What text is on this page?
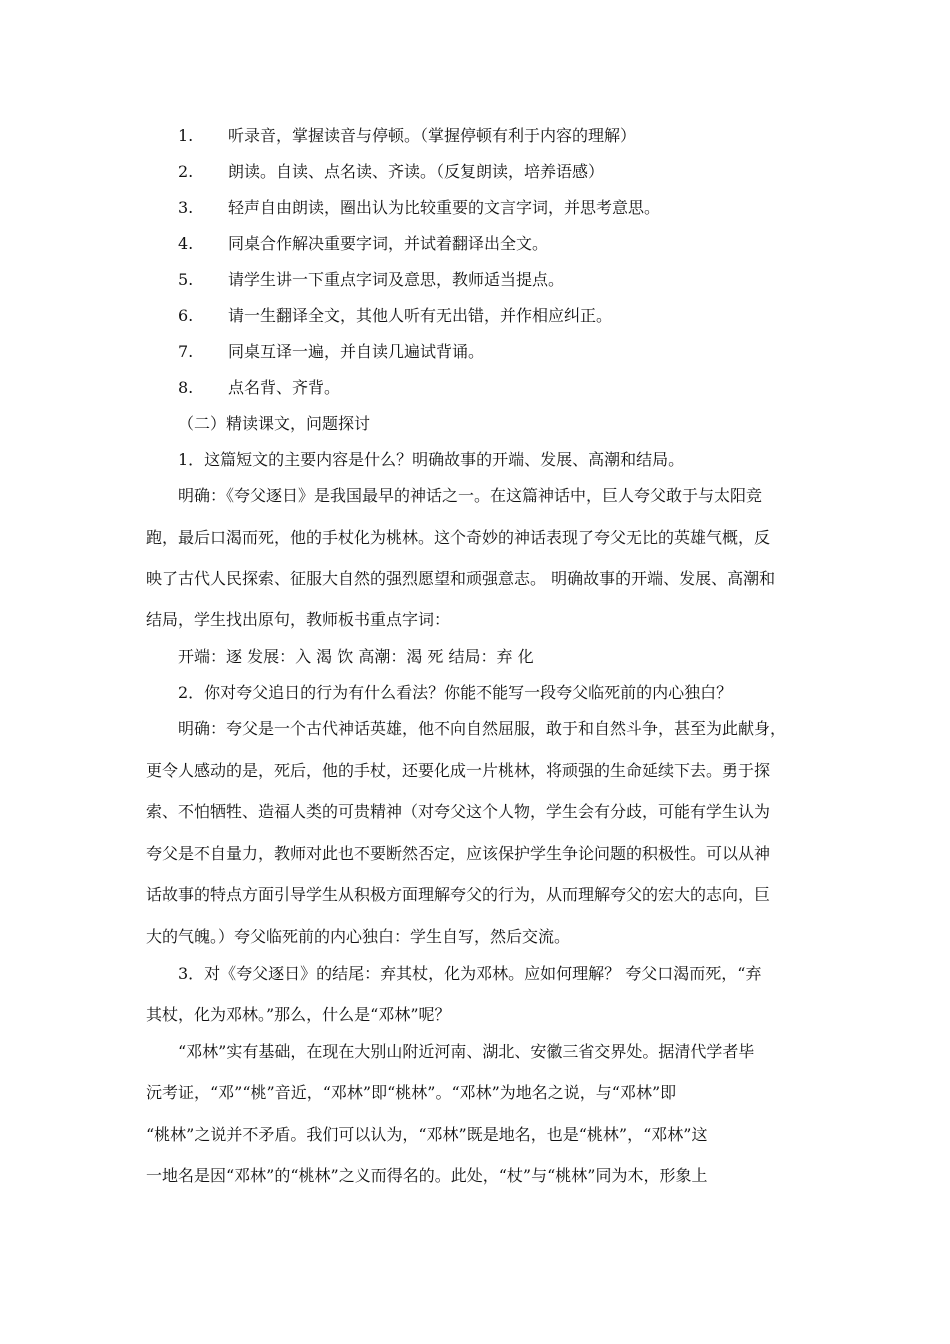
1. 听录音，掌握读音与停顿。（掌握停顿有利于内容的理解）
2. 朗读。自读、点名读、齐读。（反复朗读，培养语感）
3. 轻声自由朗读，圈出认为比较重要的文言字词，并思考意思。
4. 同桌合作解决重要字词，并试着翻译出全文。
5. 请学生讲一下重点字词及意思，教师适当提点。
6. 请一生翻译全文，其他人听有无出错，并作相应纠正。
7. 同桌互译一遍，并自读几遍试背诵。
8. 点名背、齐背。
（二）精读课文，问题探讨
1．这篇短文的主要内容是什么？明确故事的开端、发展、高潮和结局。
明确：《夸父逐日》是我国最早的神话之一。在这篇神话中，巨人夸父敢于与太阳竞
跑，最后口渴而死，他的手杖化为桃林。这个奇妙的神话表现了夸父无比的英雄气概，反
映了古代人民探索、征服大自然的强烈愿望和顽强意志。 明确故事的开端、发展、高潮和
结局，学生找出原句，教师板书重点字词：
开端：逐 发展：入 渴 饮 高潮：渴 死 结局：弃 化
2．你对夸父追日的行为有什么看法？你能不能写一段夸父临死前的内心独白？
明确：夸父是一个古代神话英雄，他不向自然屈服，敢于和自然斗争，甚至为此献身，
更令人感动的是，死后，他的手杖，还要化成一片桃林，将顽强的生命延续下去。勇于探
索、不怕牺牲、造福人类的可贵精神（对夸父这个人物，学生会有分歧，可能有学生认为
夸父是不自量力，教师对此也不要断然否定，应该保护学生争论问题的积极性。可以从神
话故事的特点方面引导学生从积极方面理解夸父的行为，从而理解夸父的宏大的志向，巨
大的气魄。）夸父临死前的内心独白：学生自写，然后交流。
3．对《夸父逐日》的结尾：弃其杖，化为邓林。应如何理解？ 夸父口渴而死，“弃
其杖，化为邓林。”那么，什么是“邓林”呢？
“邓林”实有基础，在现在大别山附近河南、湖北、安徽三省交界处。据清代学者毕
沅考证，“邓”“桃”音近，“邓林”即“桃林”。“邓林”为地名之说，与“邓林”即
“桃林”之说并不矛盾。我们可以认为，“邓林”既是地名，也是“桃林”，“邓林”这
一地名是因“邓林”的“桃林”之义而得名的。此处，“杖”与“桃林”同为木，形象上
